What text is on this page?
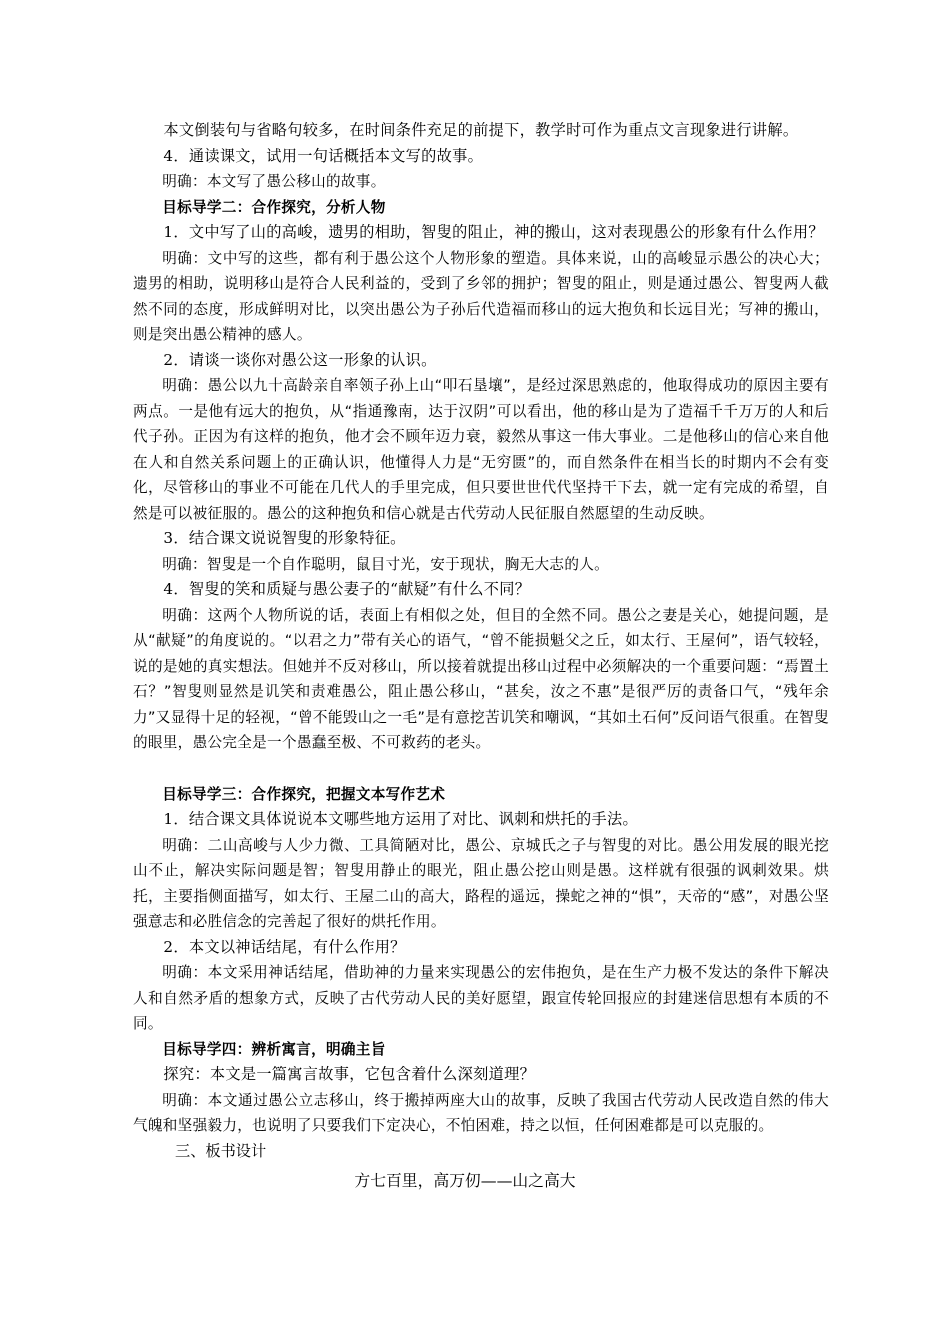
本文倒装句与省略句较多，在时间条件充足的前提下，教学时可作为重点文言现象进行讲解。

4．通读课文，试用一句话概括本文写的故事。

明确：本文写了愚公移山的故事。

目标导学二：合作探究，分析人物

1．文中写了山的高峻，遗男的相助，智叟的阻止，神的搬山，这对表现愚公的形象有什么作用？

明确：文中写的这些，都有利于愚公这个人物形象的塑造。具体来说，山的高峻显示愚公的决心大；遗男的相助，说明移山是符合人民利益的，受到了乡邻的拥护；智叟的阻止，则是通过愚公、智叟两人截然不同的态度，形成鲜明对比，以突出愚公为子孙后代造福而移山的远大抱负和长远目光；写神的搬山，则是突出愚公精神的感人。

2．请谈一谈你对愚公这一形象的认识。

明确：愚公以九十高龄亲自率领子孙上山“叩石垦壤”，是经过深思熟虑的，他取得成功的原因主要有两点。一是他有远大的抱负，从“指通豫南，达于汉阴”可以看出，他的移山是为了造福千千万万的人和后代子孙。正因为有这样的抱负，他才会不顾年迈力衰，毅然从事这一伟大事业。二是他移山的信心来自他在人和自然关系问题上的正确认识，他懂得人力是“无穷匮”的，而自然条件在相当长的时期内不会有变化，尽管移山的事业不可能在几代人的手里完成，但只要世世代代坚持干下去，就一定有完成的希望，自然是可以被征服的。愚公的这种抱负和信心就是古代劳动人民征服自然愿望的生动反映。

3．结合课文说说智叟的形象特征。

明确：智叟是一个自作聪明，鼠目寸光，安于现状，胸无大志的人。

4．智叟的笑和质疑与愚公妻子的“献疑”有什么不同？

明确：这两个人物所说的话，表面上有相似之处，但目的全然不同。愚公之妻是关心，她提问题，是从“献疑”的角度说的。“以君之力”带有关心的语气，“曾不能损魁父之丘，如太行、王屋何”，语气较轻，说的是她的真实想法。但她并不反对移山，所以接着就提出移山过程中必须解决的一个重要问题：“焉置土石？”智叟则显然是讥笑和责难愚公，阻止愚公移山，“甚矣，汝之不惠”是很严厉的责备口气，“残年余力”又显得十足的轻视，“曾不能毁山之一毛”是有意挖苦讥笑和嘲讽，“其如土石何”反问语气很重。在智叟的眼里，愚公完全是一个愚蠢至极、不可救药的老头。

目标导学三：合作探究，把握文本写作艺术

1．结合课文具体说说本文哪些地方运用了对比、讽刺和烘托的手法。

明确：二山高峻与人少力微、工具简陋对比，愚公、京城氏之子与智叟的对比。愚公用发展的眼光挖山不止，解决实际问题是智；智叟用静止的眼光，阻止愚公挖山则是愚。这样就有很强的讽刺效果。烘托，主要指侧面描写，如太行、王屋二山的高大，路程的遥远，操蛇之神的“惧”，天帝的“感”，对愚公坚强意志和必胜信念的完善起了很好的烘托作用。

2．本文以神话结尾，有什么作用？

明确：本文采用神话结尾，借助神的力量来实现愚公的宏伟抱负，是在生产力极不发达的条件下解决人和自然矛盾的想象方式，反映了古代劳动人民的美好愿望，跟宣传轮回报应的封建迷信思想有本质的不同。

目标导学四：辨析寓言，明确主旨

探究：本文是一篇寓言故事，它包含着什么深刻道理？

明确：本文通过愚公立志移山，终于搬掉两座大山的故事，反映了我国古代劳动人民改造自然的伟大气魄和坚强毅力，也说明了只要我们下定决心，不怕困难，持之以恒，任何困难都是可以克服的。

三、板书设计

方七百里，高万仞——山之高大
